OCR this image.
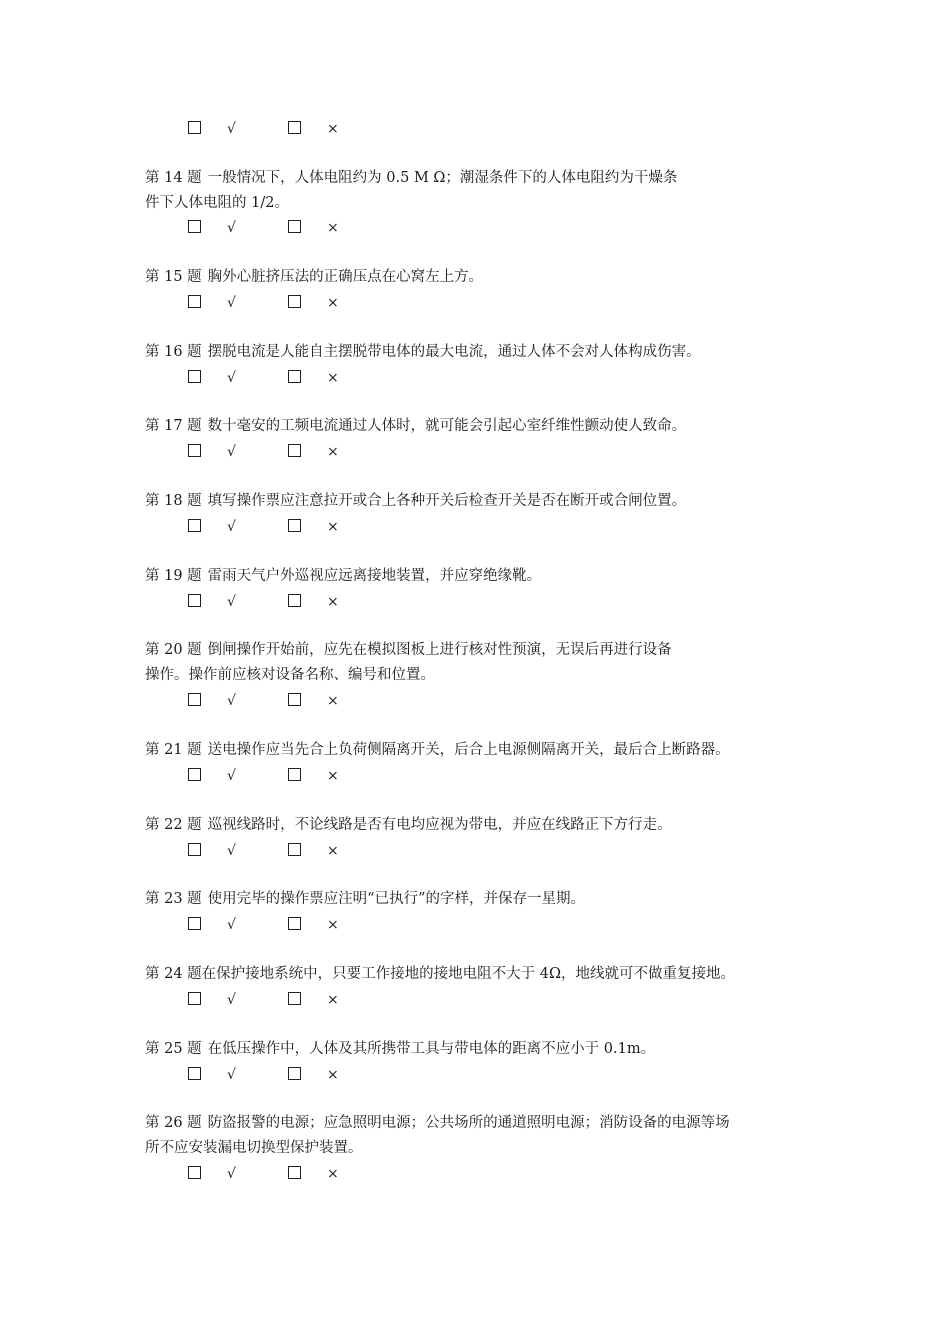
√	×
第 14 题 一般情况下，人体电阻约为 0.5 M Ω；潮湿条件下的人体电阻约为干燥条
件下人体电阻的 1/2。
√	×
第 15 题 胸外心脏挤压法的正确压点在心窝左上方。
√	×
第 16 题 摆脱电流是人能自主摆脱带电体的最大电流，通过人体不会对人体构成伤害。
√	×
第 17 题 数十毫安的工频电流通过人体时，就可能会引起心室纤维性颤动使人致命。
√	×
第 18 题 填写操作票应注意拉开或合上各种开关后检查开关是否在断开或合闸位置。
√	×
第 19 题 雷雨天气户外巡视应远离接地装置，并应穿绝缘靴。
√	×
第 20 题 倒闸操作开始前，应先在模拟图板上进行核对性预演，无误后再进行设备
操作。操作前应核对设备名称、编号和位置。
√	×
第 21 题 送电操作应当先合上负荷侧隔离开关，后合上电源侧隔离开关，最后合上断路器。
√	×
第 22 题 巡视线路时，不论线路是否有电均应视为带电，并应在线路正下方行走。
√	×
第 23 题 使用完毕的操作票应注明“已执行”的字样，并保存一星期。
√	×
第 24 题在保护接地系统中，只要工作接地的接地电阻不大于 4Ω，地线就可不做重复接地。
√	×
第 25 题 在低压操作中，人体及其所携带工具与带电体的距离不应小于 0.1m。
√	×
第 26 题 防盗报警的电源；应急照明电源；公共场所的通道照明电源；消防设备的电源等场
所不应安装漏电切换型保护装置。
√	×
